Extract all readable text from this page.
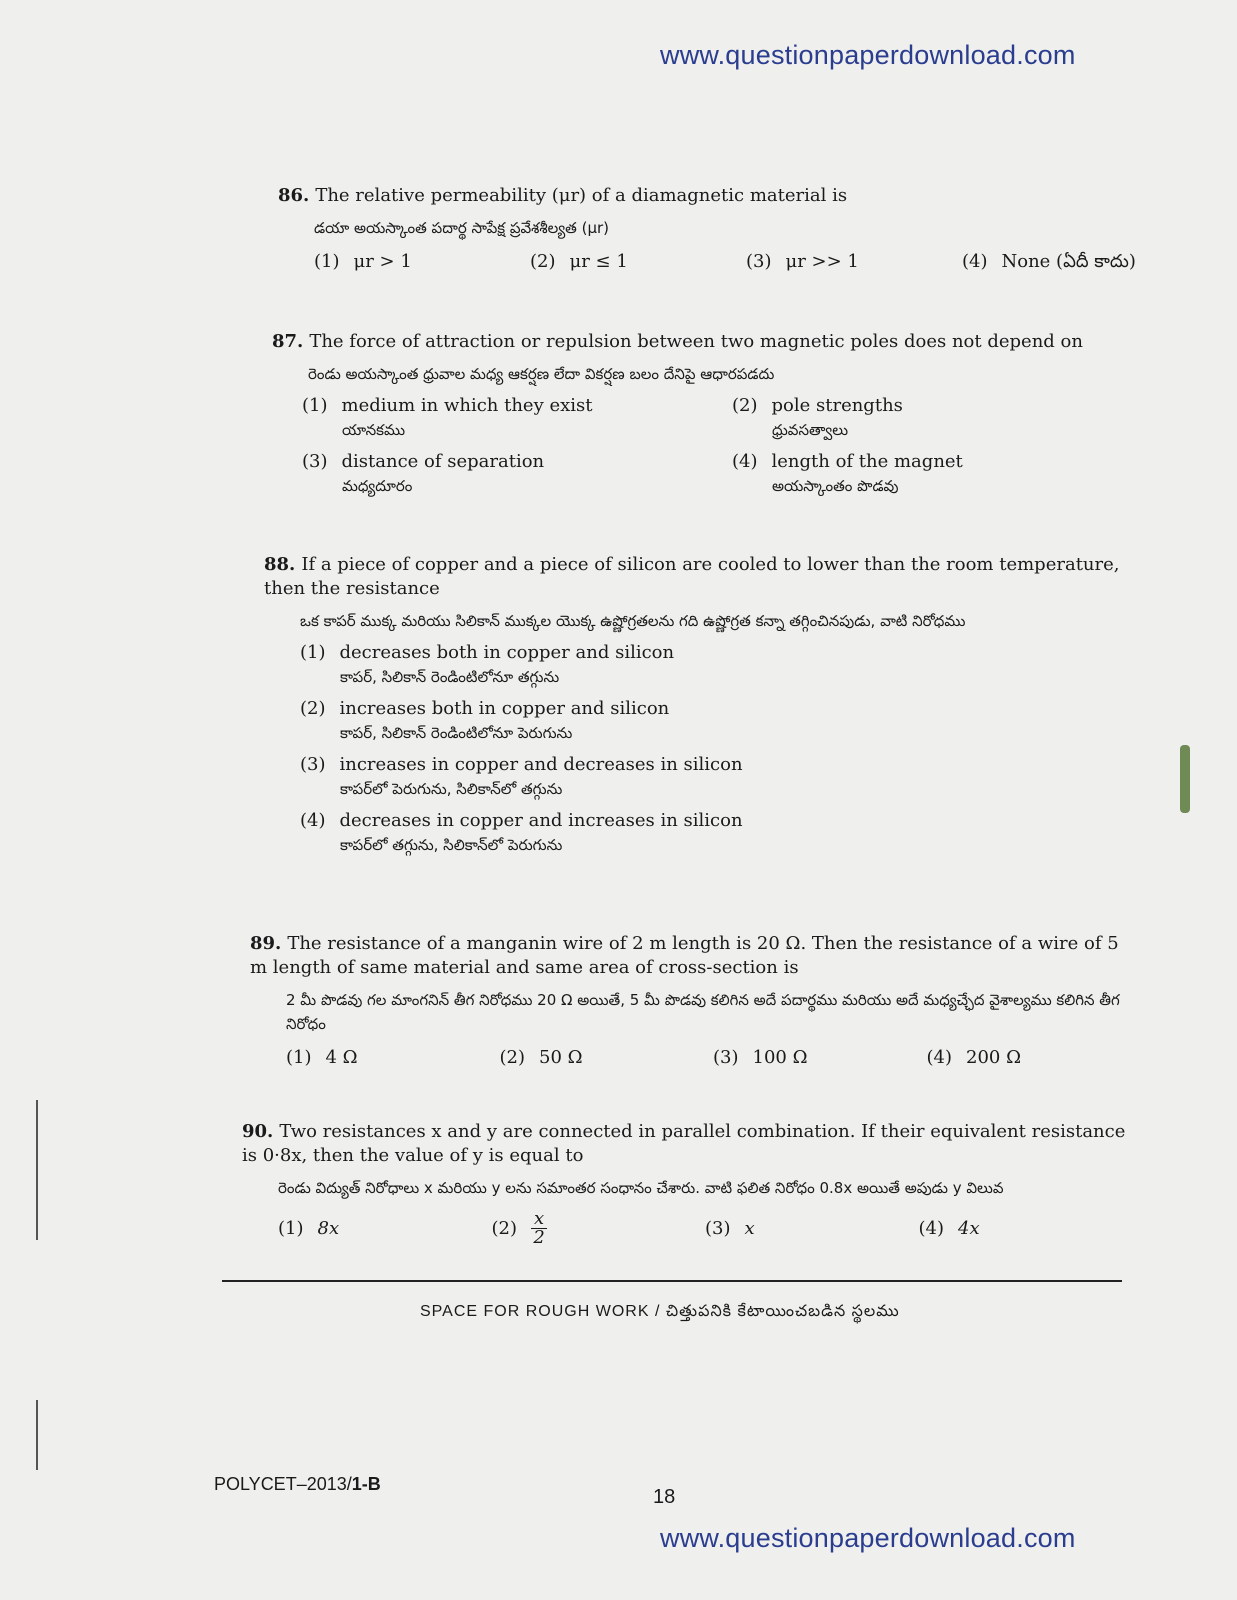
www.questionpaperdownload.com
86. The relative permeability (μr) of a diamagnetic material is
డయా అయస్కాంత పదార్థ సాపేక్ష ప్రవేశశీల్యత (μr)
(1) μr > 1	(2) μr ≤ 1	(3) μr >> 1	(4) None (ఏదీ కాదు)
87. The force of attraction or repulsion between two magnetic poles does not depend on
రెండు అయస్కాంత ధ్రువాల మధ్య ఆకర్షణ లేదా వికర్షణ బలం దేనిపై ఆధారపడదు
(1) medium in which they exist
యానకము
(2) pole strengths
ధ్రువసత్వాలు
(3) distance of separation
మధ్యదూరం
(4) length of the magnet
అయస్కాంతం పొడవు
88. If a piece of copper and a piece of silicon are cooled to lower than the room temperature, then the resistance
ఒక కాపర్ ముక్క మరియు సిలికాన్ ముక్కల యొక్క ఉష్ణోగ్రతలను గది ఉష్ణోగ్రత కన్నా తగ్గించినపుడు, వాటి నిరోధము
(1) decreases both in copper and silicon
కాపర్, సిలికాన్ రెండింటిలోనూ తగ్గును
(2) increases both in copper and silicon
కాపర్, సిలికాన్ రెండింటిలోనూ పెరుగును
(3) increases in copper and decreases in silicon
కాపర్‌లో పెరుగును, సిలికాన్‌లో తగ్గును
(4) decreases in copper and increases in silicon
కాపర్‌లో తగ్గును, సిలికాన్‌లో పెరుగును
89. The resistance of a manganin wire of 2 m length is 20 Ω. Then the resistance of a wire of 5 m length of same material and same area of cross-section is
2 మీ పొడవు గల మాంగనిన్ తీగ నిరోధము 20 Ω అయితే, 5 మీ పొడవు కలిగిన అదే పదార్థము మరియు అదే మధ్యచ్ఛేద వైశాల్యము కలిగిన తీగ నిరోధం
(1) 4 Ω	(2) 50 Ω	(3) 100 Ω	(4) 200 Ω
90. Two resistances x and y are connected in parallel combination. If their equivalent resistance is 0·8x, then the value of y is equal to
రెండు విద్యుత్ నిరోధాలు x మరియు y లను సమాంతర సంధానం చేశారు. వాటి ఫలిత నిరోధం 0.8x అయితే అపుడు y విలువ
(1) 8x	$(2) \frac{x}{2}$	(3) x	(4) 4x
SPACE FOR ROUGH WORK / చిత్తుపనికి కేటాయించబడిన స్థలము
POLYCET–2013/1-B
18
www.questionpaperdownload.com
